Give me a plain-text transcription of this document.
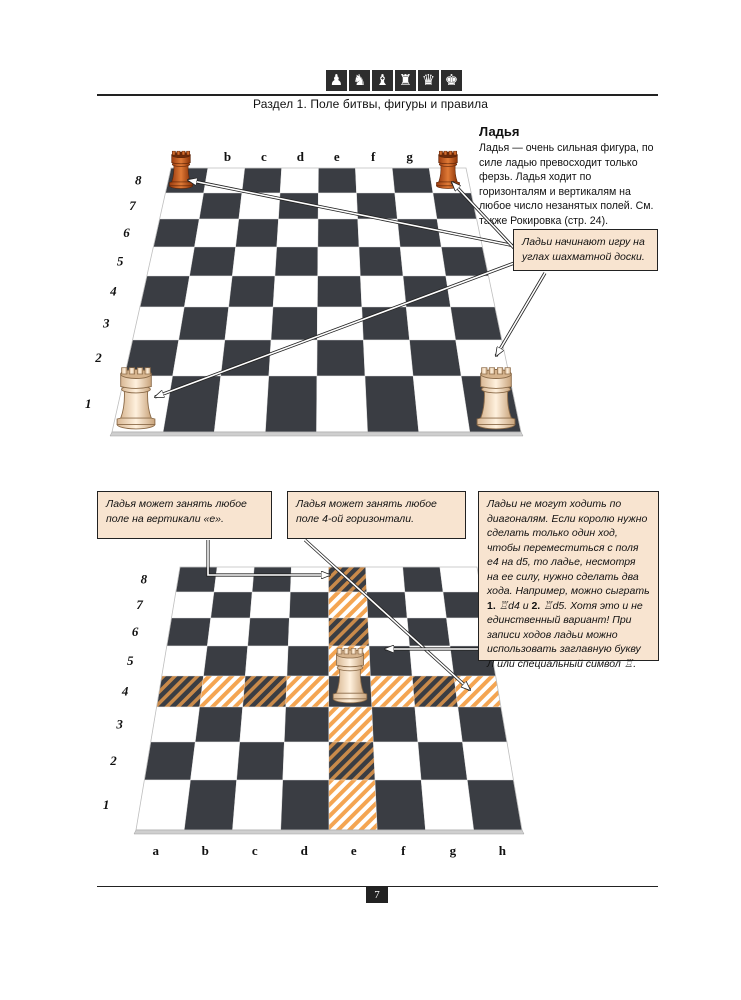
♟ ♞ ♝ ♜ ♛ ♚
Раздел 1. Поле битвы, фигуры и правила
Ладья
Ладья — очень сильная фигура, по силе ладью превосходит только ферзь. Ладья ходит по горизонталям и вертикалям на любое число незанятых полей. См. также Рокировка (стр. 24).
1
2
3
4
5
6
7
8
b c d e f g
1
2
3
4
5
6
7
8
a	b	c	d	e	f	g	h
Ладьи начинают игру на углах шахматной доски.
Ладья может занять любое поле на вертикали «e».
Ладья может занять любое поле 4-ой горизонтали.
Ладьи не могут ходить по диагоналям. Если королю нужно сделать только один ход, чтобы переместиться с поля e4 на d5, то ладье, несмотря на ее силу, нужно сделать два хода. Например, можно сыграть 1. ♖d4 и 2. ♖d5. Хотя это и не единственный вариант! При записи ходов ладьи можно использовать заглавную букву Л или специальный символ ♖.
7
